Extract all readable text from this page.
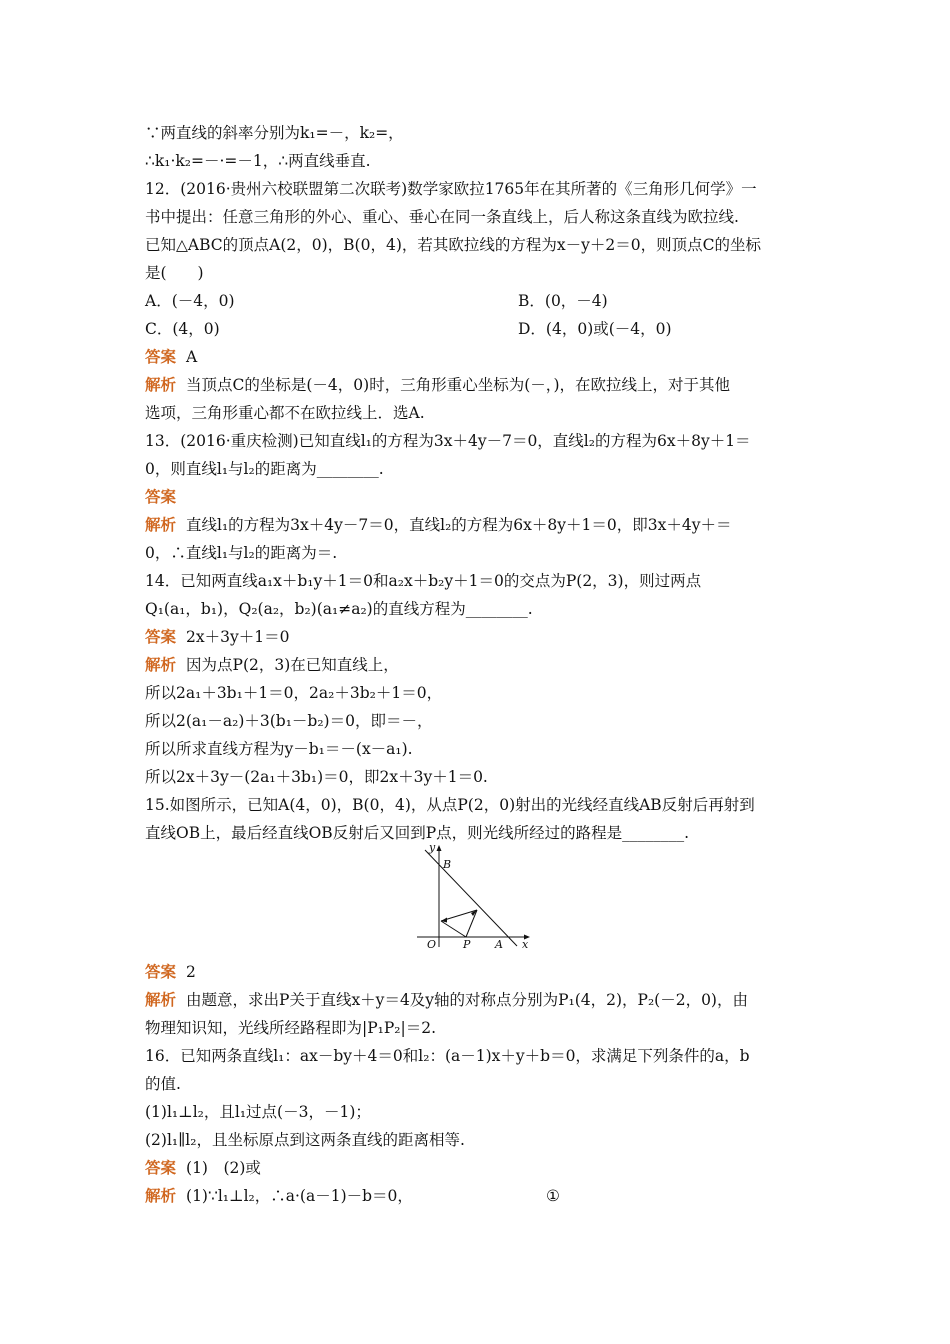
∵两直线的斜率分别为k₁=－，k₂=，
∴k₁·k₂=－·=－1，∴两直线垂直.
12．(2016·贵州六校联盟第二次联考)数学家欧拉1765年在其所著的《三角形几何学》一
书中提出：任意三角形的外心、重心、垂心在同一条直线上，后人称这条直线为欧拉线.
已知△ABC的顶点A(2，0)，B(0，4)，若其欧拉线的方程为x－y＋2＝0，则顶点C的坐标
是(　　)
A．(－4，0)	B．(0，－4)
C．(4，0)	D．(4，0)或(－4，0)
答案 A
解析 当顶点C的坐标是(－4，0)时，三角形重心坐标为(－，)，在欧拉线上，对于其他
选项，三角形重心都不在欧拉线上．选A.
13．(2016·重庆检测)已知直线l₁的方程为3x＋4y－7＝0，直线l₂的方程为6x＋8y＋1＝
0，则直线l₁与l₂的距离为________.
答案
解析 直线l₁的方程为3x＋4y－7＝0，直线l₂的方程为6x＋8y＋1＝0，即3x＋4y＋＝
0，∴直线l₁与l₂的距离为＝.
14．已知两直线a₁x＋b₁y＋1＝0和a₂x＋b₂y＋1＝0的交点为P(2，3)，则过两点
Q₁(a₁，b₁)，Q₂(a₂，b₂)(a₁≠a₂)的直线方程为________.
答案 2x＋3y＋1＝0
解析 因为点P(2，3)在已知直线上，
所以2a₁＋3b₁＋1＝0，2a₂＋3b₂＋1＝0，
所以2(a₁－a₂)＋3(b₁－b₂)＝0，即＝－，
所以所求直线方程为y－b₁＝－(x－a₁).
所以2x＋3y－(2a₁＋3b₁)＝0，即2x＋3y＋1＝0.
15.如图所示，已知A(4，0)，B(0，4)，从点P(2，0)射出的光线经直线AB反射后再射到
直线OB上，最后经直线OB反射后又回到P点，则光线所经过的路程是________.
y
B
O P A x
答案 2
解析 由题意，求出P关于直线x＋y＝4及y轴的对称点分别为P₁(4，2)，P₂(－2，0)，由
物理知识知，光线所经路程即为|P₁P₂|＝2.
16．已知两条直线l₁：ax－by＋4＝0和l₂：(a－1)x＋y＋b＝0，求满足下列条件的a，b
的值.
(1)l₁⊥l₂，且l₁过点(－3，－1)；
(2)l₁∥l₂，且坐标原点到这两条直线的距离相等.
答案 (1)　(2)或
解析 (1)∵l₁⊥l₂，∴a·(a－1)－b＝0，	①
